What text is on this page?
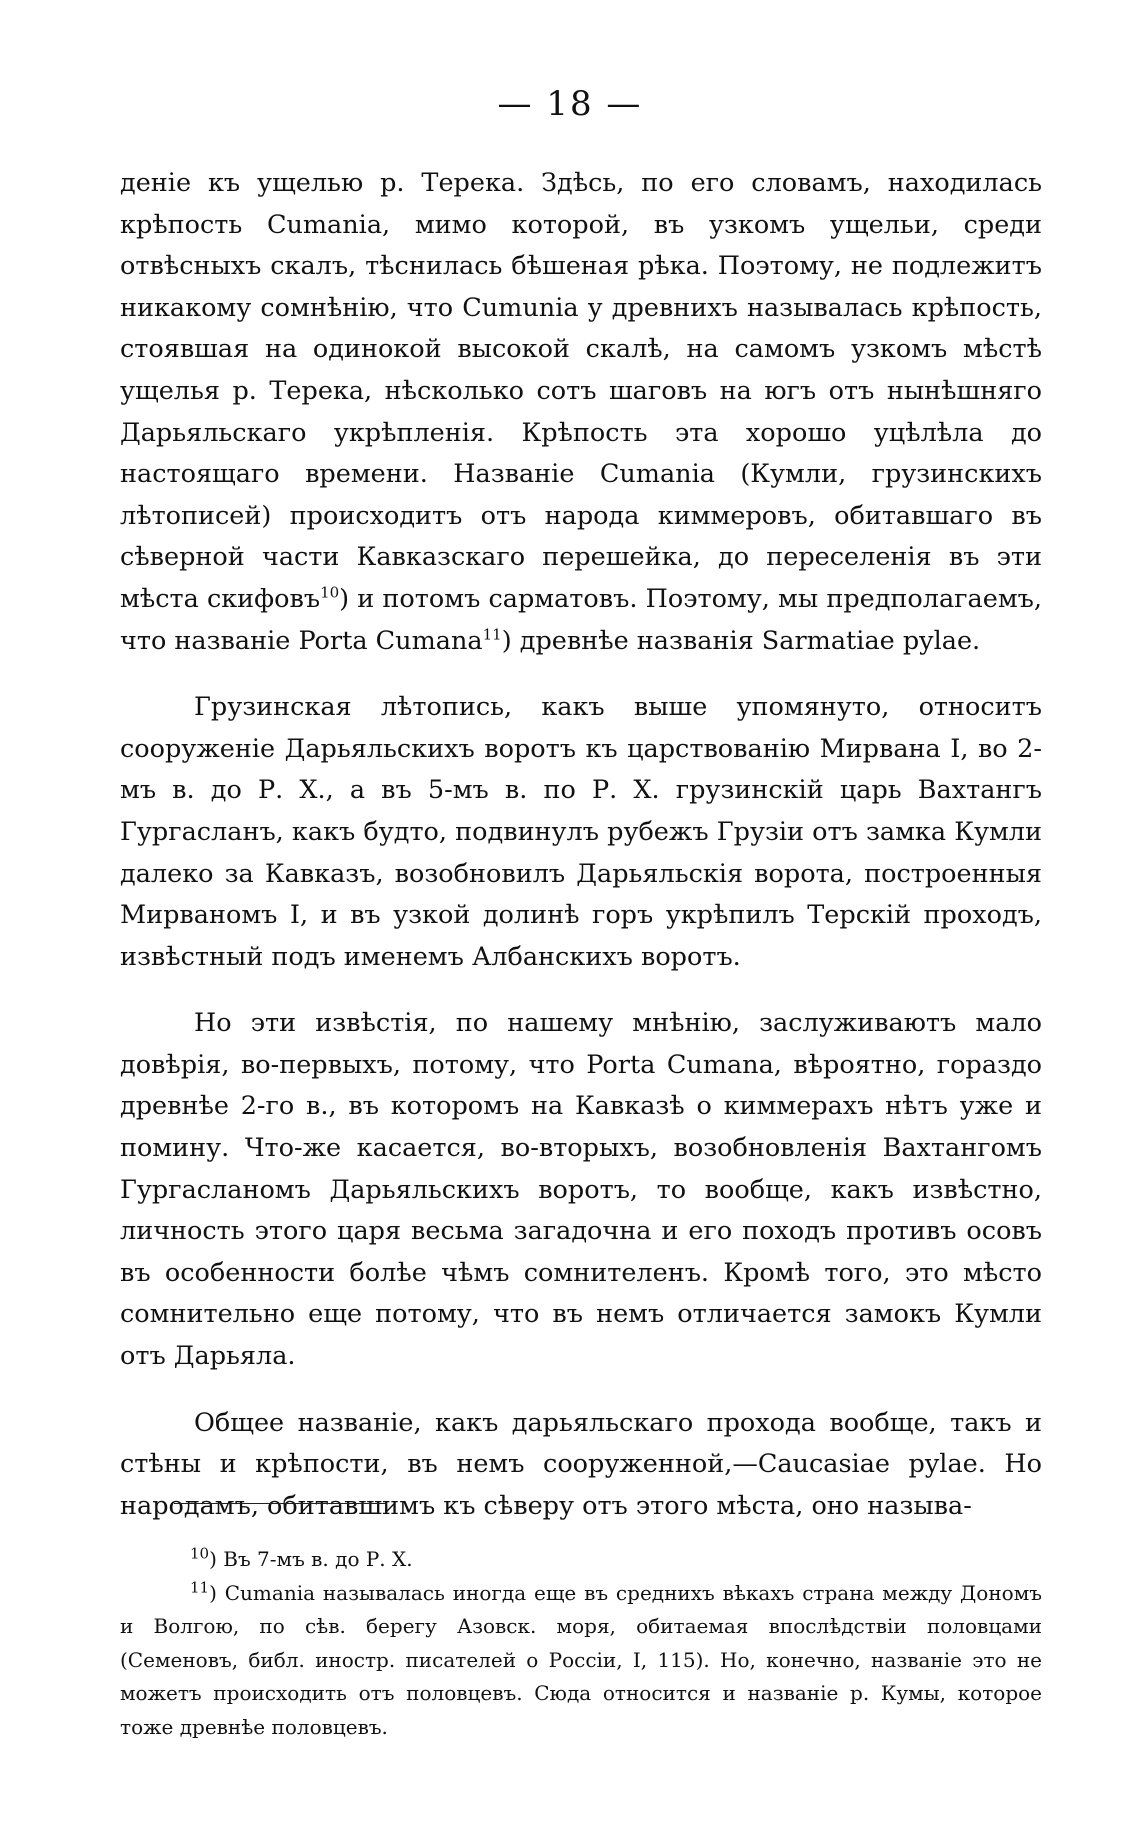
— 18 —

денiе къ ущелью р. Терека. Здѣсь, по его словамъ, находилась крѣпость Cumania, мимо которой, въ узкомъ ущельи, среди отвѣсныхъ скалъ, тѣснилась бѣшеная рѣка. Поэтому, не подлежитъ никакому сомнѣнiю, что Cumunia у древнихъ называлась крѣпость, стоявшая на одинокой высокой скалѣ, на самомъ узкомъ мѣстѣ ущелья р. Терека, нѣсколько сотъ шаговъ на югъ отъ нынѣшняго Дарьяльскаго укрѣпленiя. Крѣпость эта хорошо уцѣлѣла до настоящаго времени. Названiе Cumania (Кумли, грузинскихъ лѣтописей) происходитъ отъ народа киммеровъ, обитавшаго въ сѣверной части Кавказскаго перешейка, до переселенiя въ эти мѣста скифовъ$^{10}$) и потомъ сарматовъ. Поэтому, мы предполагаемъ, что названiе Porta Cumana$^{11}$) древнѣе названiя Sarmatiae pylae.

Грузинская лѣтопись, какъ выше упомянуто, относитъ сооруженiе Дарьяльскихъ воротъ къ царствованiю Мирвана I, во 2-мъ в. до Р. Х., а въ 5-мъ в. по Р. Х. грузинскiй царь Вахтангъ Гургасланъ, какъ будто, подвинулъ рубежъ Грузiи отъ замка Кумли далеко за Кавказъ, возобновилъ Дарьяльскiя ворота, построенныя Мирваномъ I, и въ узкой долинѣ горъ укрѣпилъ Терскiй проходъ, извѣстный подъ именемъ Албанскихъ воротъ.

Но эти извѣстiя, по нашему мнѣнiю, заслуживаютъ мало довѣрiя, во-первыхъ, потому, что Porta Cumana, вѣроятно, гораздо древнѣе 2-го в., въ которомъ на Кавказѣ о киммерахъ нѣтъ уже и помину. Что-же касается, во-вторыхъ, возобновленiя Вахтангомъ Гургасланомъ Дарьяльскихъ воротъ, то вообще, какъ извѣстно, личность этого царя весьма загадочна и его походъ противъ осовъ въ особенности болѣе чѣмъ сомнителенъ. Кромѣ того, это мѣсто сомнительно еще потому, что въ немъ отличается замокъ Кумли отъ Дарьяла.

Общее названiе, какъ дарьяльскаго прохода вообще, такъ и стѣны и крѣпости, въ немъ сооруженной,—Caucasiae pylae. Но народамъ, обитавшимъ къ сѣверу отъ этого мѣста, оно называ-

$^{10}$) Въ 7-мъ в. до Р. Х.

$^{11}$) Cumania называлась иногда еще въ среднихъ вѣкахъ страна между Дономъ и Волгою, по сѣв. берегу Азовск. моря, обитаемая впослѣдствiи половцами (Семеновъ, библ. иностр. писателей о Россiи, I, 115). Но, конечно, названiе это не можетъ происходить отъ половцевъ. Сюда относится и названiе р. Кумы, которое тоже древнѣе половцевъ.
